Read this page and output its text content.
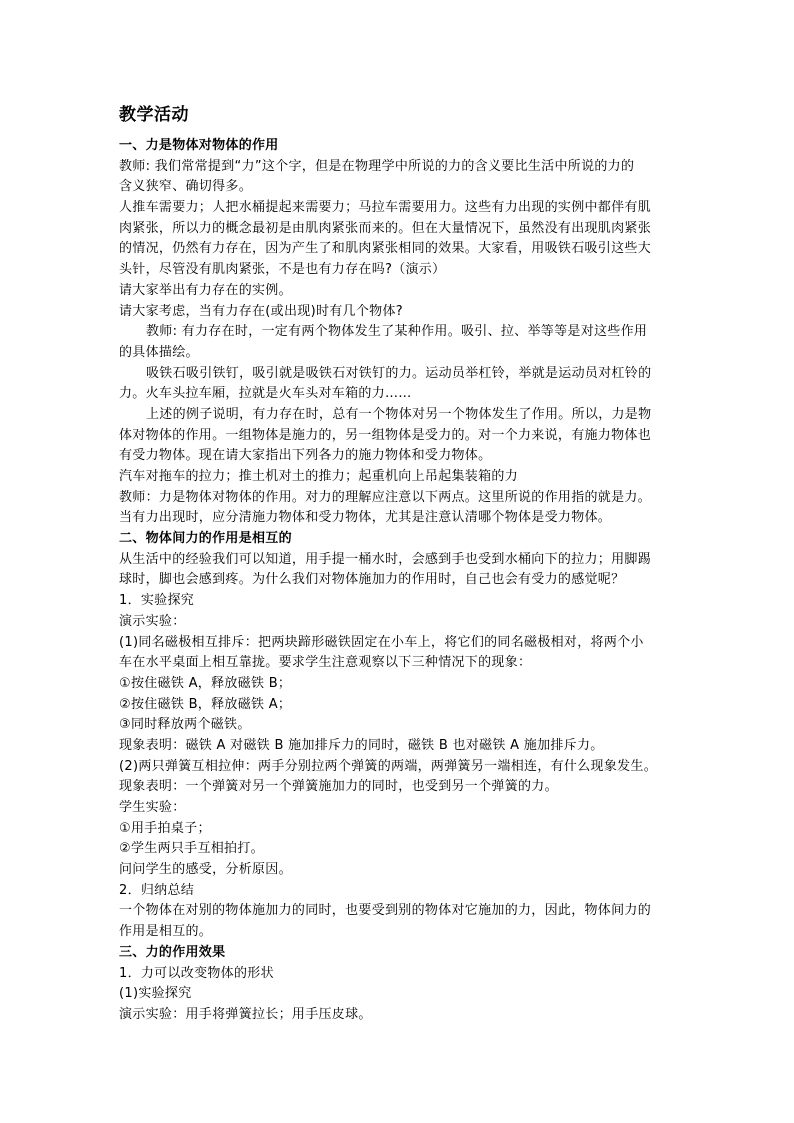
教学活动
一、力是物体对物体的作用
教师: 我们常常提到“力”这个字，但是在物理学中所说的力的含义要比生活中所说的力的
含义狭窄、确切得多。
人推车需要力；人把水桶提起来需要力；马拉车需要用力。这些有力出现的实例中都伴有肌
肉紧张，所以力的概念最初是由肌肉紧张而来的。但在大量情况下，虽然没有出现肌肉紧张
的情况，仍然有力存在，因为产生了和肌肉紧张相同的效果。大家看，用吸铁石吸引这些大
头针，尽管没有肌肉紧张，不是也有力存在吗?（演示）
请大家举出有力存在的实例。
请大家考虑，当有力存在(或出现)时有几个物体?
教师: 有力存在时，一定有两个物体发生了某种作用。吸引、拉、举等等是对这些作用
的具体描绘。
吸铁石吸引铁钉，吸引就是吸铁石对铁钉的力。运动员举杠铃，举就是运动员对杠铃的
力。火车头拉车厢，拉就是火车头对车箱的力……
上述的例子说明，有力存在时，总有一个物体对另一个物体发生了作用。所以，力是物
体对物体的作用。一组物体是施力的，另一组物体是受力的。对一个力来说，有施力物体也
有受力物体。现在请大家指出下列各力的施力物体和受力物体。
汽车对拖车的拉力；推土机对土的推力；起重机向上吊起集装箱的力
教师：力是物体对物体的作用。对力的理解应注意以下两点。这里所说的作用指的就是力。
当有力出现时，应分清施力物体和受力物体，尤其是注意认清哪个物体是受力物体。
二、物体间力的作用是相互的
从生活中的经验我们可以知道，用手提一桶水时，会感到手也受到水桶向下的拉力；用脚踢
球时，脚也会感到疼。为什么我们对物体施加力的作用时，自己也会有受力的感觉呢？
1．实验探究
演示实验：
(1)同名磁极相互排斥：把两块蹄形磁铁固定在小车上，将它们的同名磁极相对，将两个小
车在水平桌面上相互靠拢。要求学生注意观察以下三种情况下的现象：
①按住磁铁 A，释放磁铁 B；
②按住磁铁 B，释放磁铁 A；
③同时释放两个磁铁。
现象表明：磁铁 A 对磁铁 B 施加排斥力的同时，磁铁 B 也对磁铁 A 施加排斥力。
(2)两只弹簧互相拉伸：两手分别拉两个弹簧的两端，两弹簧另一端相连，有什么现象发生。
现象表明：一个弹簧对另一个弹簧施加力的同时，也受到另一个弹簧的力。
学生实验：
①用手拍桌子；
②学生两只手互相拍打。
问问学生的感受，分析原因。
2．归纳总结
一个物体在对别的物体施加力的同时，也要受到别的物体对它施加的力，因此，物体间力的
作用是相互的。
三、力的作用效果
1．力可以改变物体的形状
(1)实验探究
演示实验：用手将弹簧拉长；用手压皮球。
